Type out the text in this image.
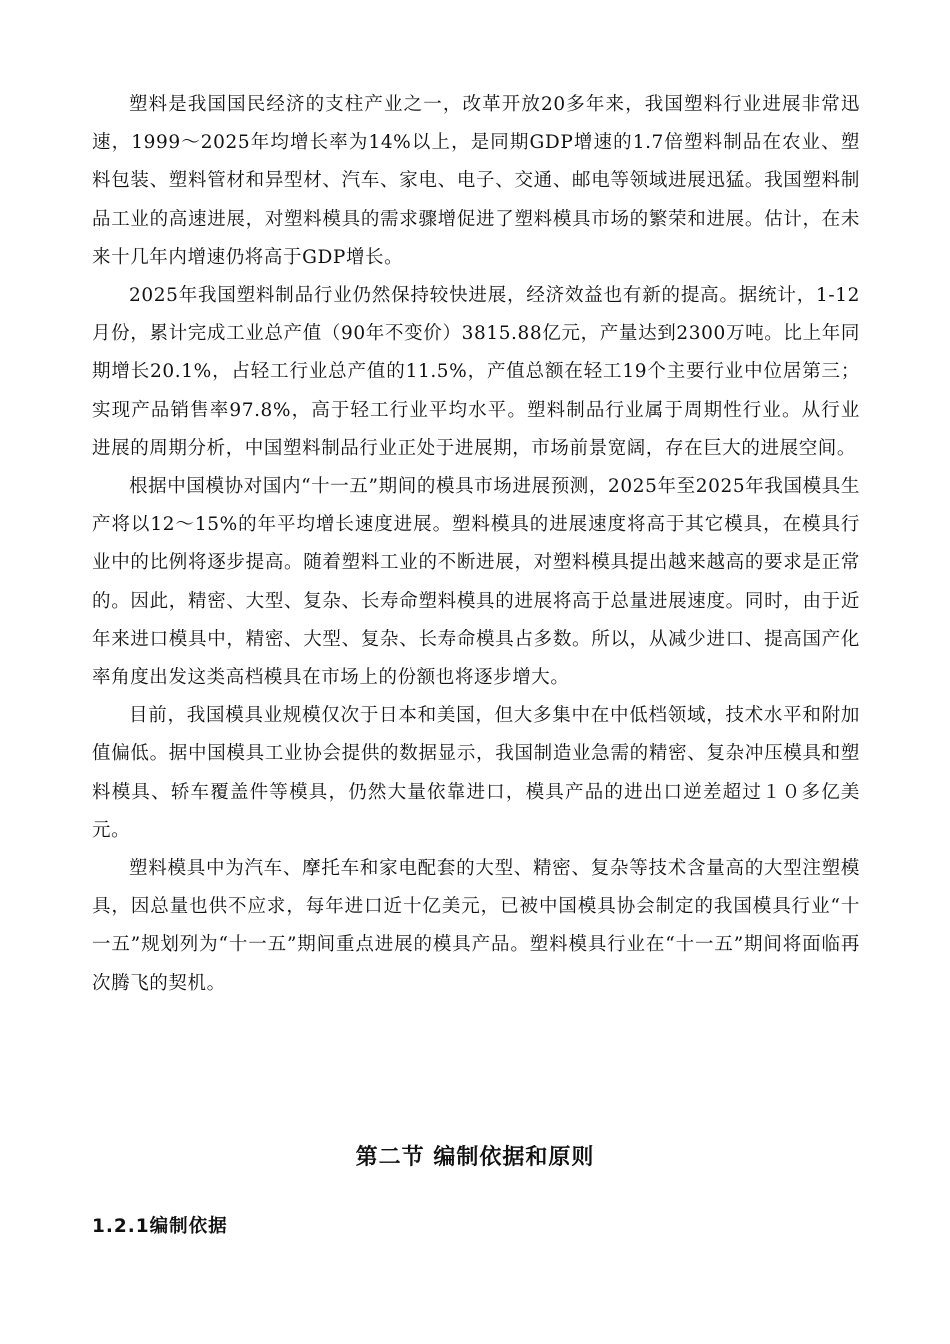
塑料是我国国民经济的支柱产业之一，改革开放20多年来，我国塑料行业进展非常迅速，1999～2025年均增长率为14%以上，是同期GDP增速的1.7倍塑料制品在农业、塑料包装、塑料管材和异型材、汽车、家电、电子、交通、邮电等领域进展迅猛。我国塑料制品工业的高速进展，对塑料模具的需求骤增促进了塑料模具市场的繁荣和进展。估计，在未来十几年内增速仍将高于GDP增长。

2025年我国塑料制品行业仍然保持较快进展，经济效益也有新的提高。据统计，1-12月份，累计完成工业总产值（90年不变价）3815.88亿元，产量达到2300万吨。比上年同期增长20.1%，占轻工行业总产值的11.5%，产值总额在轻工19个主要行业中位居第三；实现产品销售率97.8%，高于轻工行业平均水平。塑料制品行业属于周期性行业。从行业进展的周期分析，中国塑料制品行业正处于进展期，市场前景宽阔，存在巨大的进展空间。

根据中国模协对国内“十一五”期间的模具市场进展预测，2025年至2025年我国模具生产将以12～15%的年平均增长速度进展。塑料模具的进展速度将高于其它模具，在模具行业中的比例将逐步提高。随着塑料工业的不断进展，对塑料模具提出越来越高的要求是正常的。因此，精密、大型、复杂、长寿命塑料模具的进展将高于总量进展速度。同时，由于近年来进口模具中，精密、大型、复杂、长寿命模具占多数。所以，从减少进口、提高国产化率角度出发这类高档模具在市场上的份额也将逐步增大。

目前，我国模具业规模仅次于日本和美国，但大多集中在中低档领域，技术水平和附加值偏低。据中国模具工业协会提供的数据显示，我国制造业急需的精密、复杂冲压模具和塑料模具、轿车覆盖件等模具，仍然大量依靠进口，模具产品的进出口逆差超过１０多亿美元。

塑料模具中为汽车、摩托车和家电配套的大型、精密、复杂等技术含量高的大型注塑模具，因总量也供不应求，每年进口近十亿美元，已被中国模具协会制定的我国模具行业“十一五”规划列为“十一五”期间重点进展的模具产品。塑料模具行业在“十一五”期间将面临再次腾飞的契机。

第二节 编制依据和原则
1.2.1编制依据
